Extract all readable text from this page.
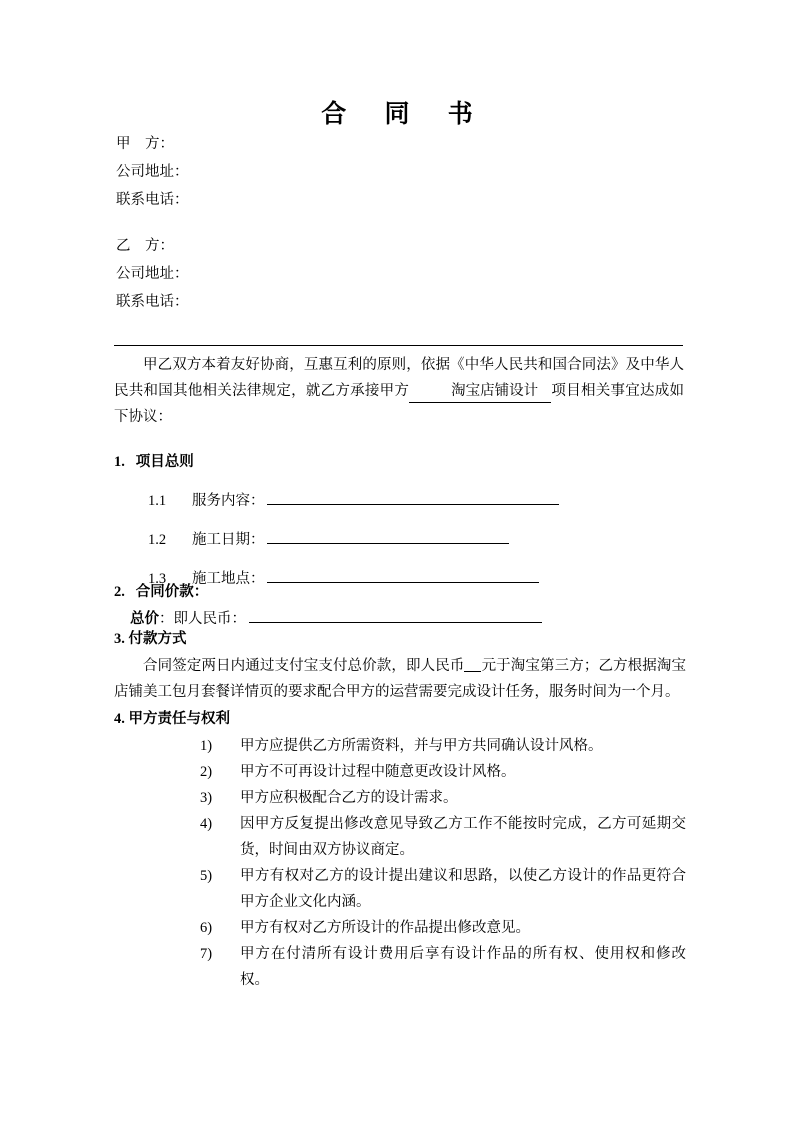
合 同 书
甲    方：
公司地址：
联系电话：
乙    方：
公司地址：
联系电话：
甲乙双方本着友好协商，互惠互利的原则，依据《中华人民共和国合同法》及中华人民共和国其他相关法律规定，就乙方承接甲方	淘宝店铺设计 项目相关事宜达成如下协议：
1. 项目总则
1.1	服务内容：
1.2	施工日期：
1.3	施工地点：
2. 合同价款：
总价 ：即人民币：
3. 付款方式
合同签定两日内通过支付宝支付总价款，即人民币 元于淘宝第三方；乙方根据淘宝店铺美工包月套餐详情页的要求配合甲方的运营需要完成设计任务，服务时间为一个月。
4. 甲方责任与权利
1)	甲方应提供乙方所需资料，并与甲方共同确认设计风格。
2)	甲方不可再设计过程中随意更改设计风格。
3)	甲方应积极配合乙方的设计需求。
4)	因甲方反复提出修改意见导致乙方工作不能按时完成，乙方可延期交货，时间由双方协议商定。
5)	甲方有权对乙方的设计提出建议和思路，以使乙方设计的作品更符合甲方企业文化内涵。
6)	甲方有权对乙方所设计的作品提出修改意见。
7)	甲方在付清所有设计费用后享有设计作品的所有权、使用权和修改权。
